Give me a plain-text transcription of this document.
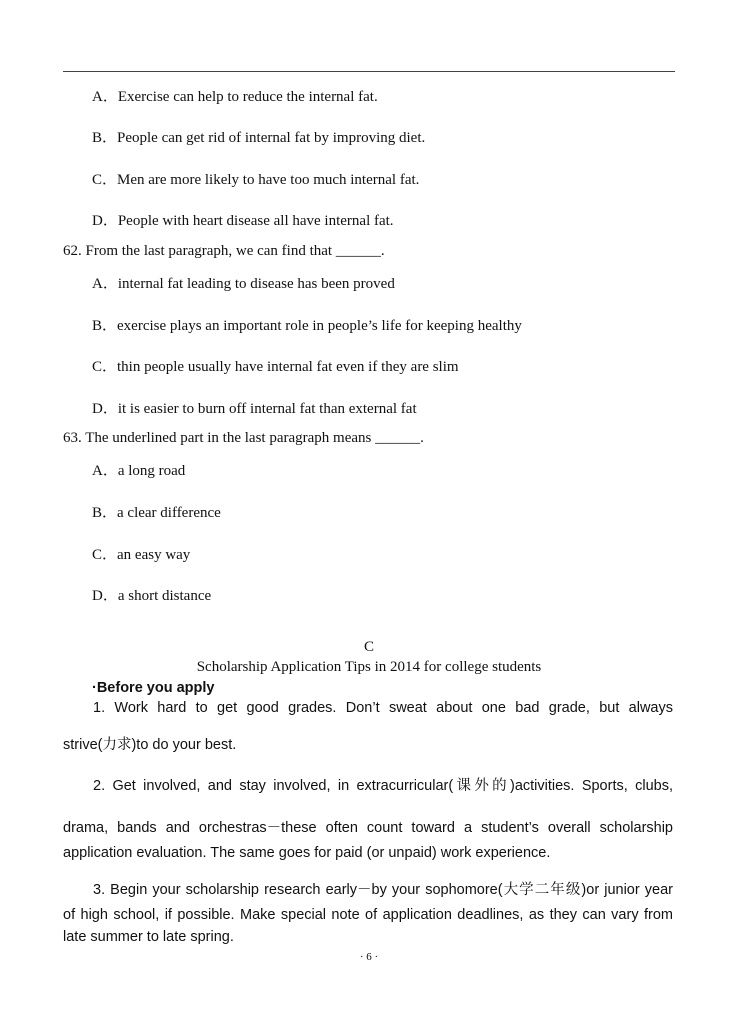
A．Exercise can help to reduce the internal fat.
B．People can get rid of internal fat by improving diet.
C．Men are more likely to have too much internal fat.
D．People with heart disease all have internal fat.
62. From the last paragraph, we can find that ______.
A．internal fat leading to disease has been proved
B．exercise plays an important role in people’s life for keeping healthy
C．thin people usually have internal fat even if they are slim
D．it is easier to burn off internal fat than external fat
63. The underlined part in the last paragraph means ______.
A．a long road
B．a clear difference
C．an easy way
D．a short distance
C
Scholarship Application Tips in 2014 for college students
·Before you apply
1. Work hard to get good grades. Don’t sweat about one bad grade, but always
strive(力求)to do your best.
2. Get involved, and stay involved, in extracurricular(课外的)activities. Sports, clubs,
drama, bands and orchestras－these often count toward a student’s overall scholarship
application evaluation. The same goes for paid (or unpaid) work experience.
3. Begin your scholarship research early－by your sophomore(大学二年级)or junior year
of high school, if possible. Make special note of application deadlines, as they can vary from
late summer to late spring.
· 6 ·
